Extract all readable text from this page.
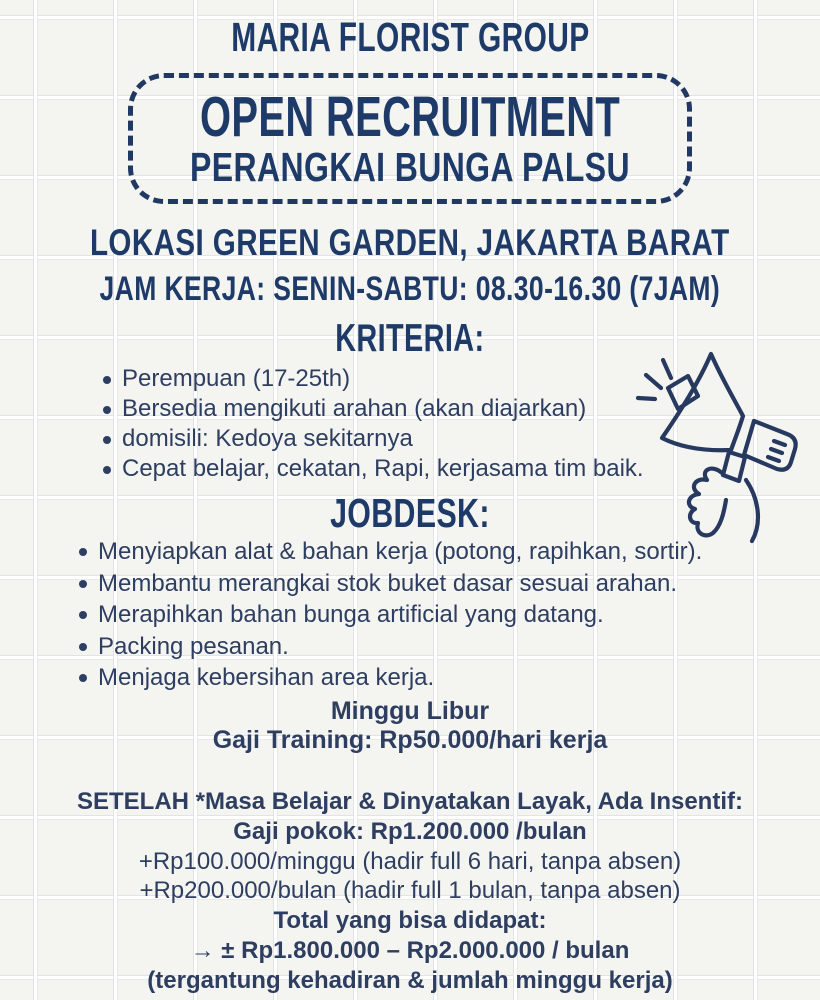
MARIA FLORIST GROUP
OPEN RECRUITMENT
PERANGKAI BUNGA PALSU
LOKASI GREEN GARDEN, JAKARTA BARAT
JAM KERJA: SENIN-SABTU: 08.30-16.30 (7JAM)
KRITERIA:
Perempuan (17-25th)
Bersedia mengikuti arahan (akan diajarkan)
domisili: Kedoya sekitarnya
Cepat belajar, cekatan, Rapi, kerjasama tim baik.
JOBDESK:
Menyiapkan alat & bahan kerja (potong, rapihkan, sortir).
Membantu merangkai stok buket dasar sesuai arahan.
Merapihkan bahan bunga artificial yang datang.
Packing pesanan.
Menjaga kebersihan area kerja.
Minggu Libur
Gaji Training: Rp50.000/hari kerja
SETELAH *Masa Belajar & Dinyatakan Layak, Ada Insentif:
Gaji pokok: Rp1.200.000 /bulan
+Rp100.000/minggu (hadir full 6 hari, tanpa absen)
+Rp200.000/bulan (hadir full 1 bulan, tanpa absen)
Total yang bisa didapat:
→ ± Rp1.800.000 – Rp2.000.000 / bulan
(tergantung kehadiran & jumlah minggu kerja)
